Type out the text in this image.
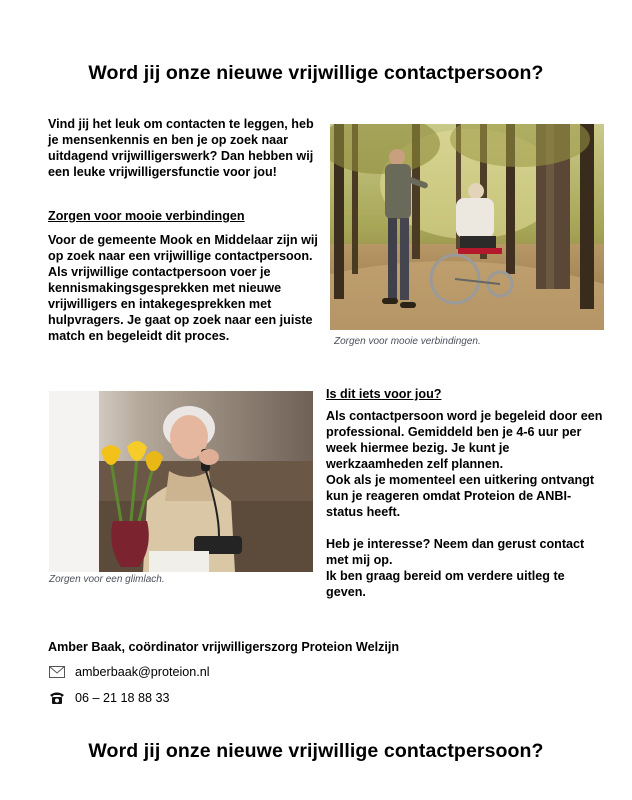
Word jij onze nieuwe vrijwillige contactpersoon?
Vind jij het leuk om contacten te leggen, heb je mensenkennis en ben je op zoek naar uitdagend vrijwilligerswerk? Dan hebben wij een leuke vrijwilligersfunctie voor jou!
Zorgen voor mooie verbindingen
Voor de gemeente Mook en Middelaar zijn wij op zoek naar een vrijwillige contactpersoon.
Als vrijwillige contactpersoon voer je kennismakingsgesprekken met nieuwe vrijwilligers en intakegesprekken met hulpvragers. Je gaat op zoek naar een juiste match en begeleidt dit proces.	Zorgen voor mooie verbindingen.
Is dit iets voor jou?
Als contactpersoon word je begeleid door een professional. Gemiddeld ben je 4-6 uur per week hiermee bezig. Je kunt je werkzaamheden zelf plannen.
Ook als je momenteel een uitkering ontvangt kun je reageren omdat Proteion de ANBI-status heeft.
Heb je interesse? Neem dan gerust contact met mij op.
Ik ben graag bereid om verdere uitleg te geven.
Zorgen voor een glimlach.
Amber Baak, coördinator vrijwilligerszorg Proteion Welzijn
amberbaak@proteion.nl
06 – 21 18 88 33
Word jij onze nieuwe vrijwillige contactpersoon?
